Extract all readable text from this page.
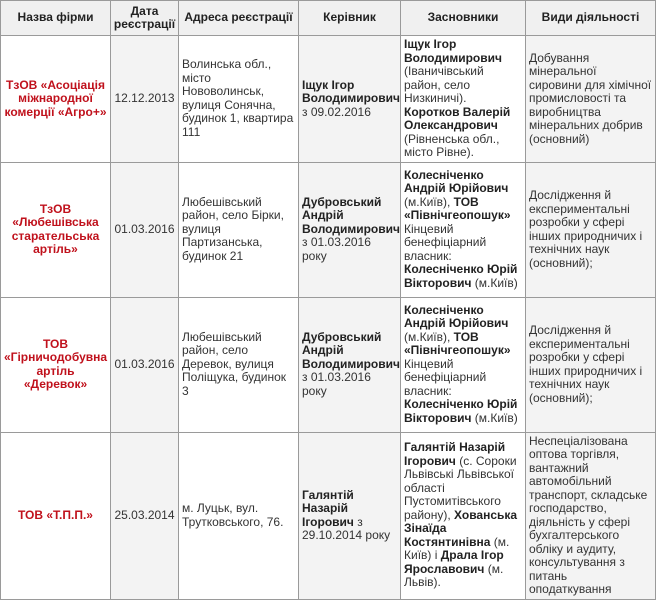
Назва фірми	Дата реєстрації	Адреса реєстрації	Керівник	Засновники	Види діяльності
ТзОВ «Асоціація міжнародної комерції «Агро+»	12.12.2013	Волинська обл., місто Нововолинськ, вулиця Сонячна, будинок 1, квартира 111	Іщук Ігор Володимирович з 09.02.2016	Іщук Ігор Володимирович (Іваничівський район, село Низкиничі). Коротков Валерій Олександрович (Рівненська обл., місто Рівне).	Добування мінеральної сировини для хімічної промисловості та виробництва мінеральних добрив (основний)
ТзОВ «Любешівська старательська артіль»	01.03.2016	Любешівський район, село Бірки, вулиця Партизанська, будинок 21	Дубровський Андрій Володимирович з 01.03.2016 року	Колесніченко Андрій Юрійович (м.Київ), ТОВ «Північгеопошук» Кінцевий бенефіціарний власник: Колесніченко Юрій Вікторович (м.Київ)	Дослідження й експериментальні розробки у сфері інших природничих і технічних наук (основний);
ТОВ «Гірничодобувна артіль «Деревок»	01.03.2016	Любешівський район, село Деревок, вулиця Поліщука, будинок 3	Дубровський Андрій Володимирович з 01.03.2016 року	Колесніченко Андрій Юрійович (м.Київ), ТОВ «Північгеопошук» Кінцевий бенефіціарний власник: Колесніченко Юрій Вікторович (м.Київ)	Дослідження й експериментальні розробки у сфері інших природничих і технічних наук (основний);
ТОВ «Т.П.П.»	25.03.2014	м. Луцьк, вул. Трутковського, 76.	Галянтій Назарій Ігорович з 29.10.2014 року	Галянтій Назарій Ігорович (с. Сороки Львівські Львівської області Пустомитівського району), Хованська Зінаїда Костянтинівна (м. Київ) і Драла Ігор Ярославович (м. Львів).	Неспеціалізована оптова торгівля, вантажний автомобільний транспорт, складське господарство, діяльність у сфері бухгалтерського обліку и аудиту, консультування з питань оподаткування
